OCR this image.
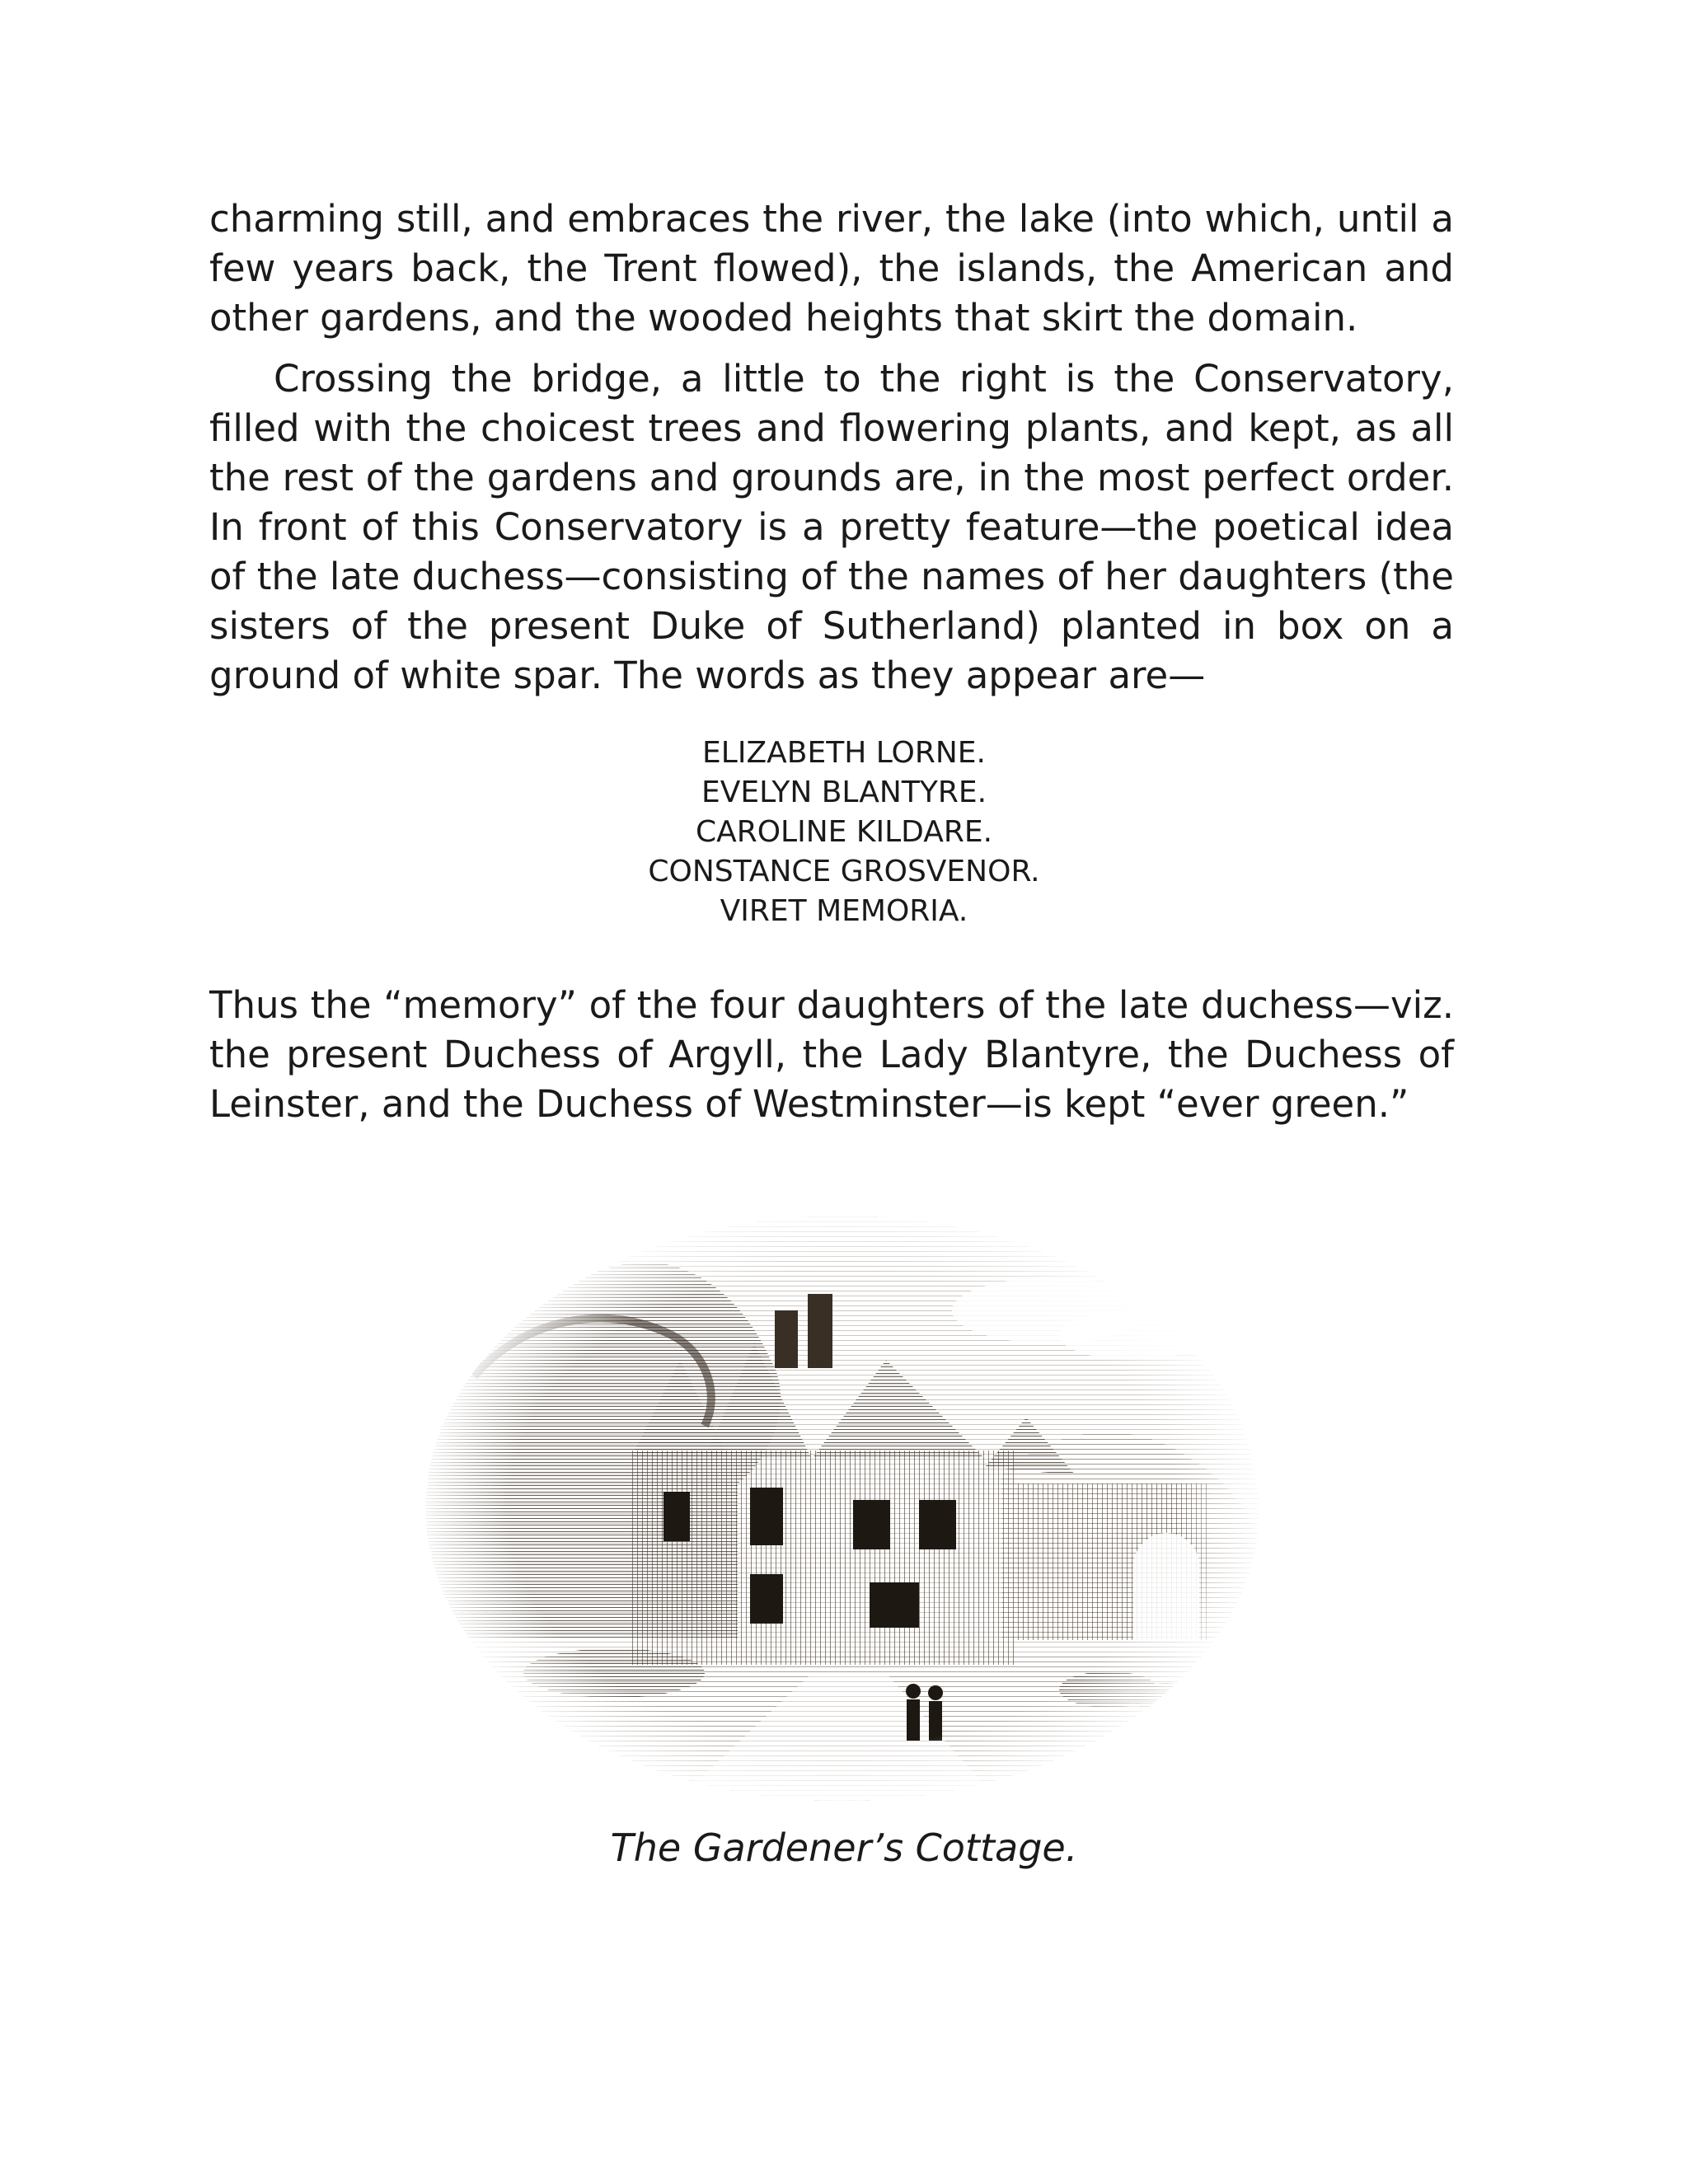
charming still, and embraces the river, the lake (into which, until a few years back, the Trent flowed), the islands, the American and other gardens, and the wooded heights that skirt the domain.

Crossing the bridge, a little to the right is the Conservatory, filled with the choicest trees and flowering plants, and kept, as all the rest of the gardens and grounds are, in the most perfect order. In front of this Conservatory is a pretty feature—the poetical idea of the late duchess—consisting of the names of her daughters (the sisters of the present Duke of Sutherland) planted in box on a ground of white spar. The words as they appear are—

ELIZABETH LORNE.
EVELYN BLANTYRE.
CAROLINE KILDARE.
CONSTANCE GROSVENOR.
VIRET MEMORIA.

Thus the “memory” of the four daughters of the late duchess—viz. the present Duchess of Argyll, the Lady Blantyre, the Duchess of Leinster, and the Duchess of Westminster—is kept “ever green.”

The Gardener’s Cottage.
